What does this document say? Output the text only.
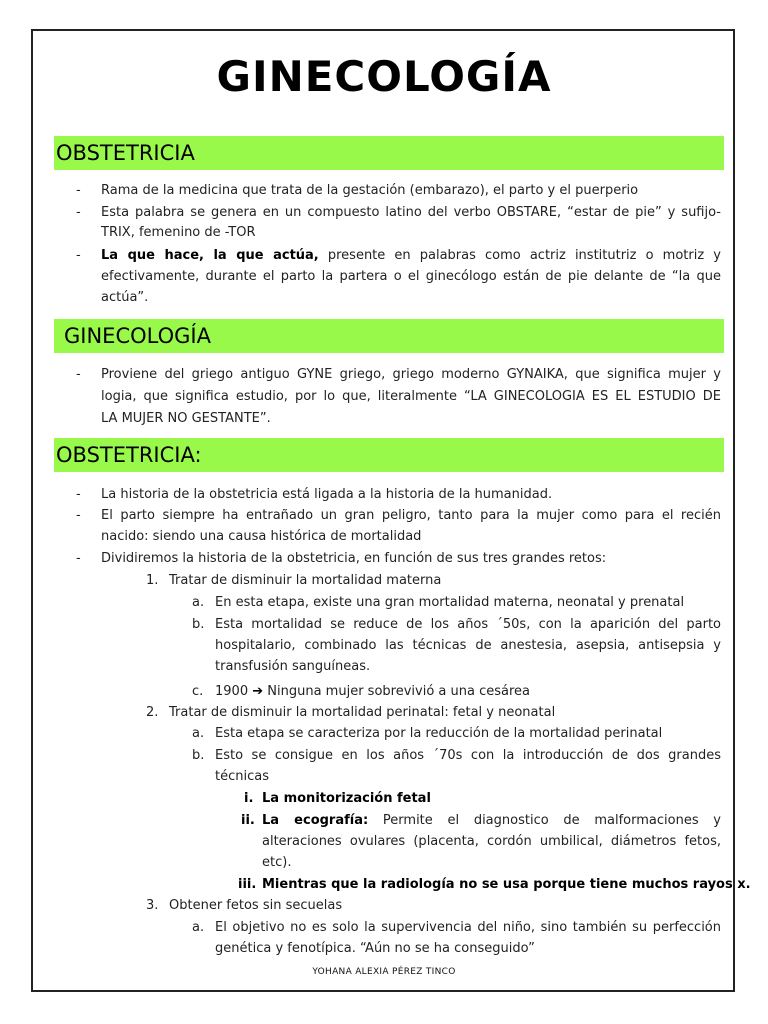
GINECOLOGÍA
OBSTETRICIA
- Rama de la medicina que trata de la gestación (embarazo), el parto y el puerperio
- Esta palabra se genera en un compuesto latino del verbo OBSTARE, “estar de pie” y sufijo-
TRIX, femenino de -TOR
- La que hace, la que actúa, presente en palabras como actriz institutriz o motriz y
efectivamente, durante el parto la partera o el ginecólogo están de pie delante de “la que
actúa”.
GINECOLOGÍA
- Proviene del griego antiguo GYNE griego, griego moderno GYNAIKA, que significa mujer y
logia, que significa estudio, por lo que, literalmente “LA GINECOLOGIA ES EL ESTUDIO DE
LA MUJER NO GESTANTE”.
OBSTETRICIA:
- La historia de la obstetricia está ligada a la historia de la humanidad.
- El parto siempre ha entrañado un gran peligro, tanto para la mujer como para el recién
nacido: siendo una causa histórica de mortalidad
- Dividiremos la historia de la obstetricia, en función de sus tres grandes retos:
1. Tratar de disminuir la mortalidad materna
a. En esta etapa, existe una gran mortalidad materna, neonatal y prenatal
b. Esta mortalidad se reduce de los años ´50s, con la aparición del parto
hospitalario, combinado las técnicas de anestesia, asepsia, antisepsia y
transfusión sanguíneas.
c. 1900 ➔ Ninguna mujer sobrevivió a una cesárea
2. Tratar de disminuir la mortalidad perinatal: fetal y neonatal
a. Esta etapa se caracteriza por la reducción de la mortalidad perinatal
b. Esto se consigue en los años ´70s con la introducción de dos grandes
técnicas
i. La monitorización fetal
ii. La ecografía: Permite el diagnostico de malformaciones y
alteraciones ovulares (placenta, cordón umbilical, diámetros fetos,
etc).
iii. Mientras que la radiología no se usa porque tiene muchos rayos x.
3. Obtener fetos sin secuelas
a. El objetivo no es solo la supervivencia del niño, sino también su perfección
genética y fenotípica. “Aún no se ha conseguido”
YOHANA ALEXIA PÉREZ TINCO
